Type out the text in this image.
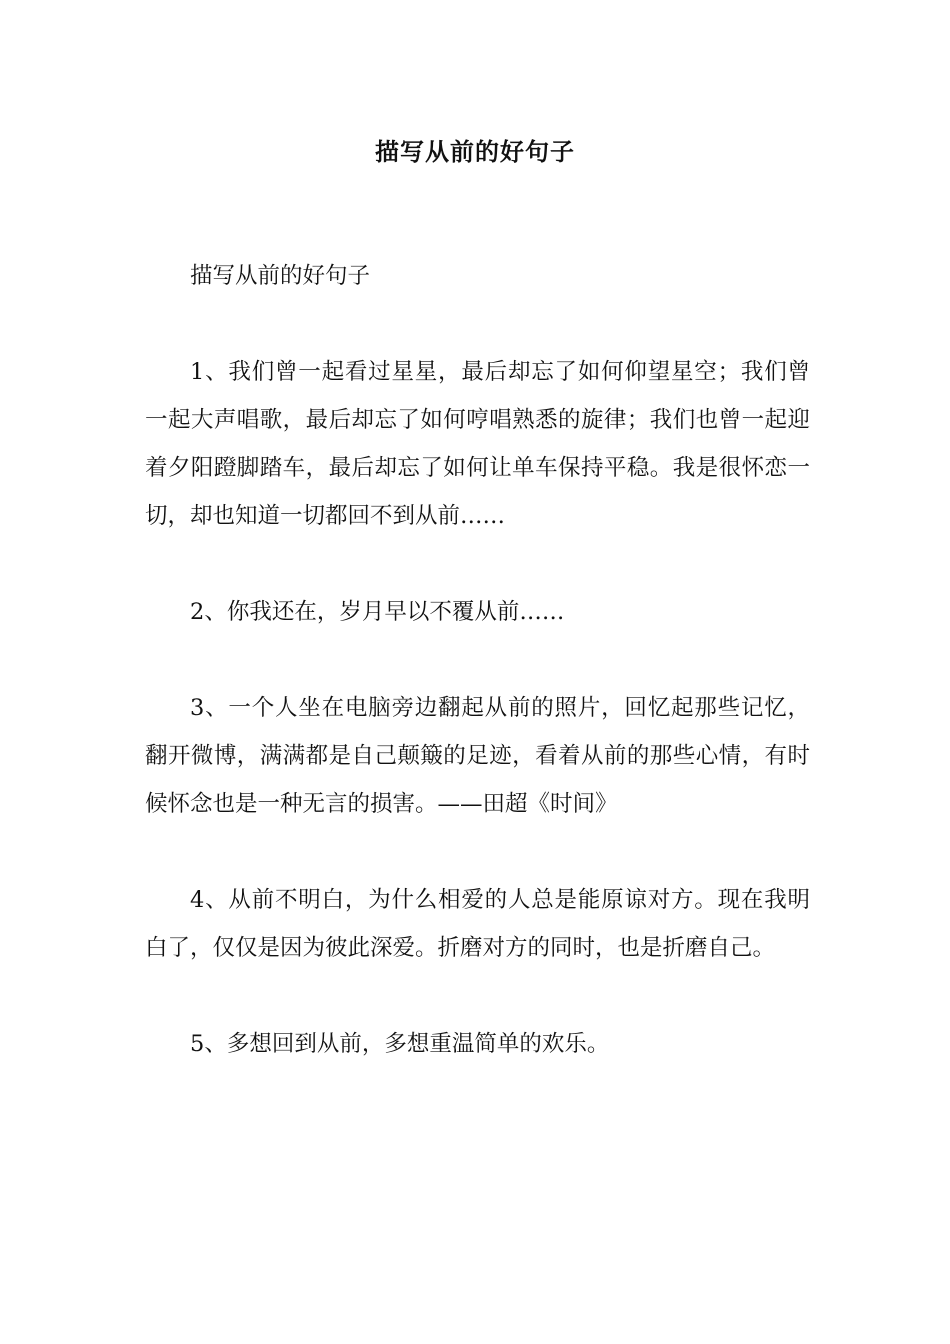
描写从前的好句子

描写从前的好句子

1、我们曾一起看过星星，最后却忘了如何仰望星空；我们曾一起大声唱歌，最后却忘了如何哼唱熟悉的旋律；我们也曾一起迎着夕阳蹬脚踏车，最后却忘了如何让单车保持平稳。我是很怀恋一切，却也知道一切都回不到从前……

2、你我还在，岁月早以不覆从前……

3、一个人坐在电脑旁边翻起从前的照片，回忆起那些记忆，翻开微博，满满都是自己颠簸的足迹，看着从前的那些心情，有时候怀念也是一种无言的损害。——田超《时间》

4、从前不明白，为什么相爱的人总是能原谅对方。现在我明白了，仅仅是因为彼此深爱。折磨对方的同时，也是折磨自己。

5、多想回到从前，多想重温简单的欢乐。
